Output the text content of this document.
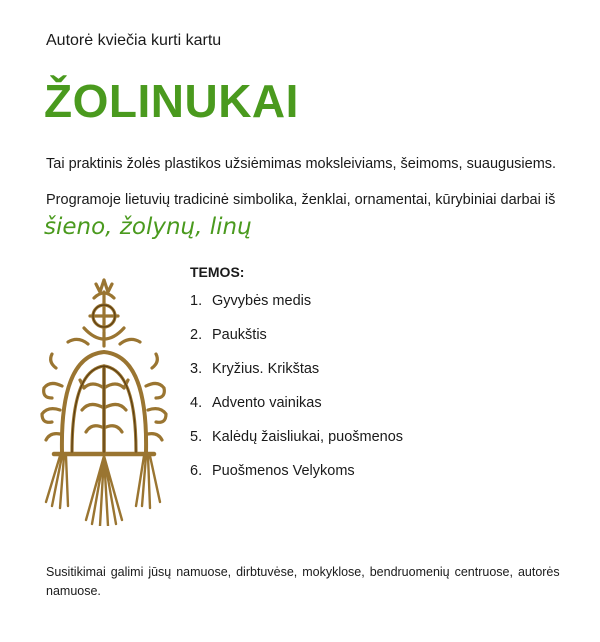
Autorė kviečia kurti kartu
ŽOLINUKAI
Tai praktinis žolės plastikos užsiėmimas moksleiviams, šeimoms, suaugusiems.
Programoje lietuvių tradicinė simbolika, ženklai, ornamentai, kūrybiniai darbai iš
šieno, žolynų, linų
TEMOS:
1. Gyvybės medis
2. Paukštis
3. Kryžius. Krikštas
4. Advento vainikas
5. Kalėdų žaisliukai, puošmenos
6. Puošmenos Velykoms
Susitikimai galimi jūsų namuose, dirbtuvėse, mokyklose, bendruomenių centruose, autorės namuose.
